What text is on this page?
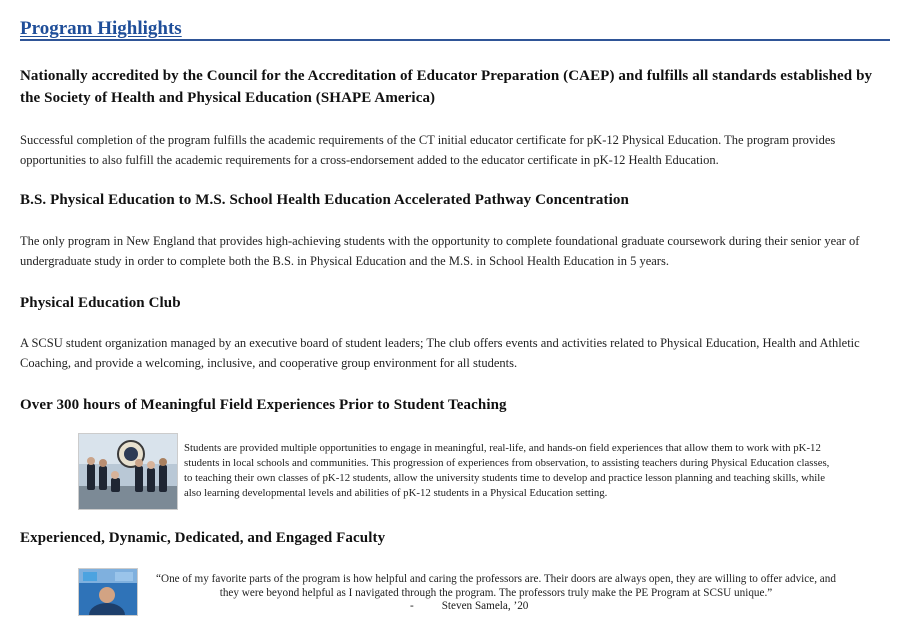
Program Highlights
Nationally accredited by the Council for the Accreditation of Educator Preparation (CAEP) and fulfills all standards established by the Society of Health and Physical Education (SHAPE America)

Successful completion of the program fulfills the academic requirements of the CT initial educator certificate for pK-12 Physical Education. The program provides opportunities to also fulfill the academic requirements for a cross-endorsement added to the educator certificate in pK-12 Health Education.

B.S. Physical Education to M.S. School Health Education Accelerated Pathway Concentration

The only program in New England that provides high-achieving students with the opportunity to complete foundational graduate coursework during their senior year of undergraduate study in order to complete both the B.S. in Physical Education and the M.S. in School Health Education in 5 years.

Physical Education Club

A SCSU student organization managed by an executive board of student leaders; The club offers events and activities related to Physical Education, Health and Athletic Coaching, and provide a welcoming, inclusive, and cooperative group environment for all students.

Over 300 hours of Meaningful Field Experiences Prior to Student Teaching
Students are provided multiple opportunities to engage in meaningful, real-life, and hands-on field experiences that allow them to work with pK-12 students in local schools and communities. This progression of experiences from observation, to assisting teachers during Physical Education classes, to teaching their own classes of pK-12 students, allow the university students time to develop and practice lesson planning and teaching skills, while also learning developmental levels and abilities of pK-12 students in a Physical Education setting.
Experienced, Dynamic, Dedicated, and Engaged Faculty
“One of my favorite parts of the program is how helpful and caring the professors are. Their doors are always open, they are willing to offer advice, and they were beyond helpful as I navigated through the program. The professors truly make the PE Program at SCSU unique.”
-          Steven Samela, ’20
